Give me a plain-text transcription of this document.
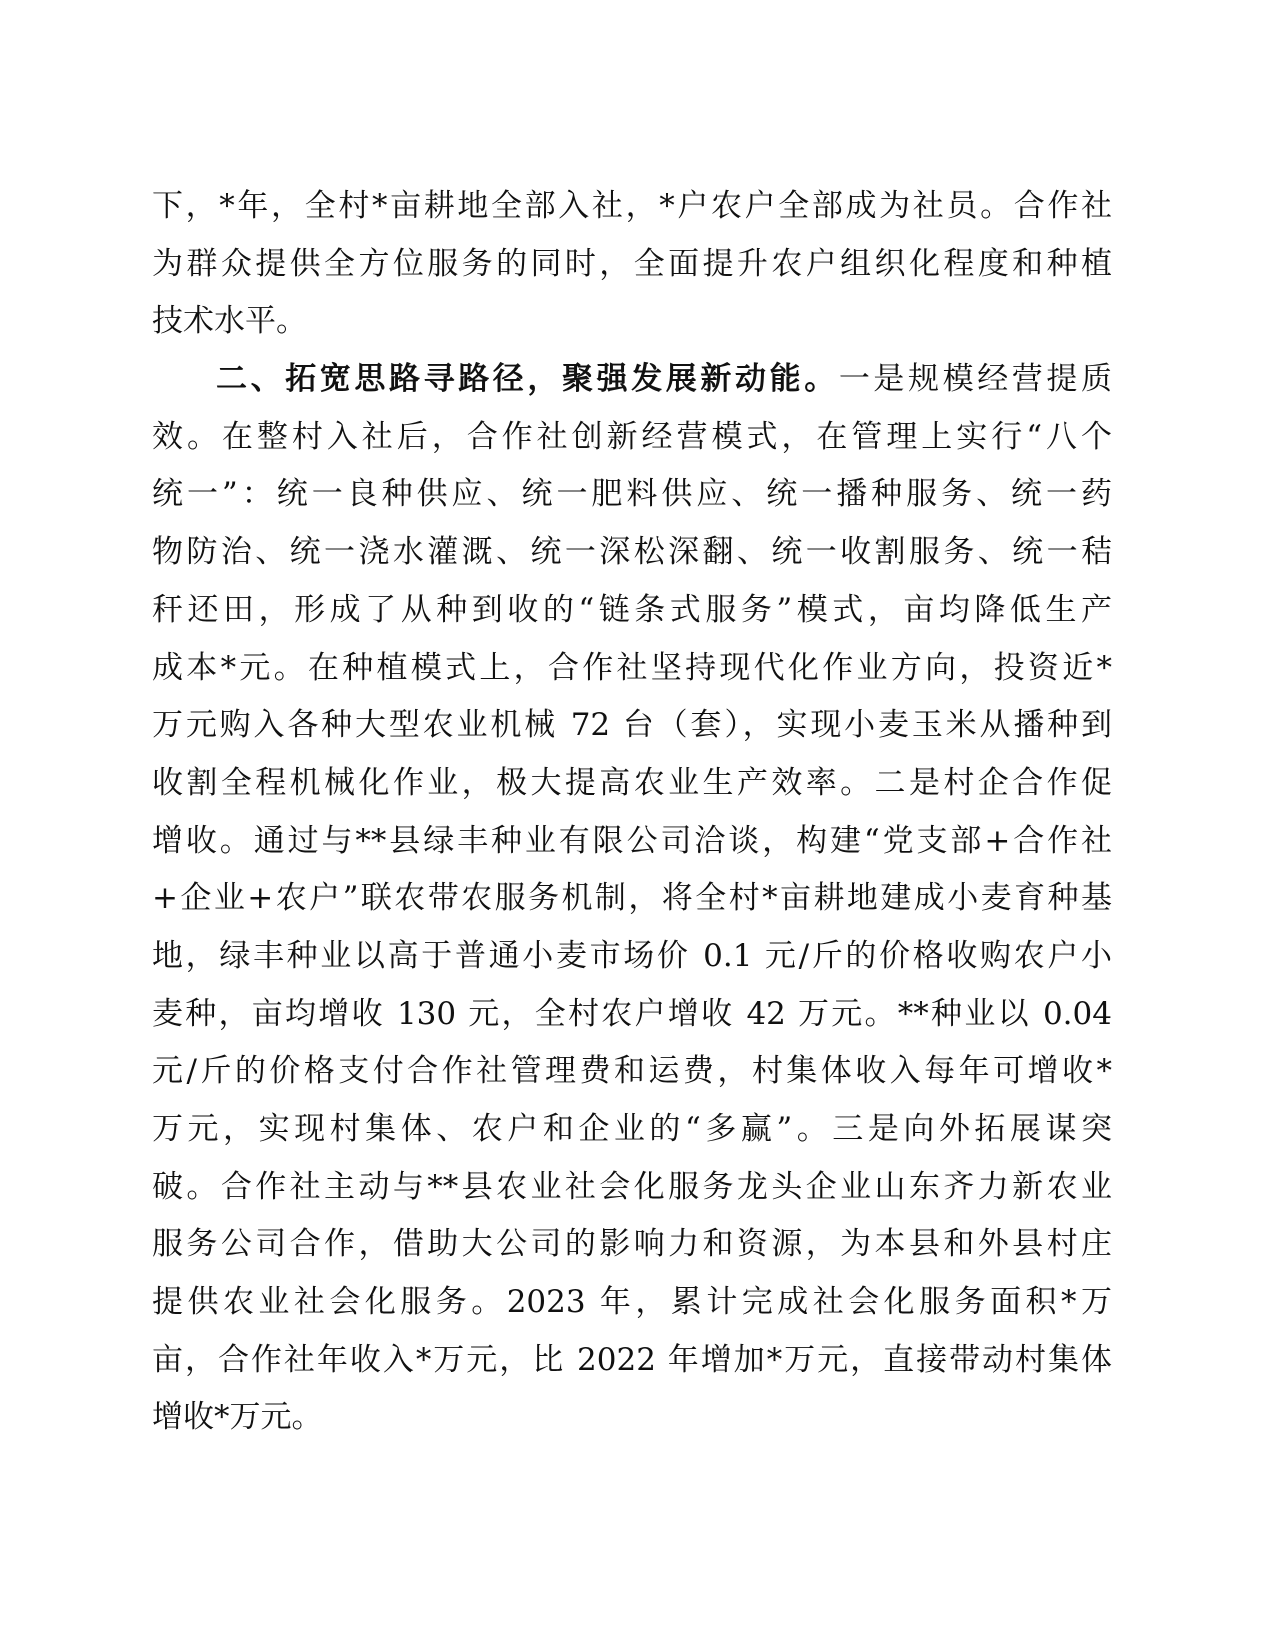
下，*年，全村*亩耕地全部入社，*户农户全部成为社员。合作社
为群众提供全方位服务的同时，全面提升农户组织化程度和种植
技术水平。
二、拓宽思路寻路径，聚强发展新动能。一是规模经营提质
效。在整村入社后，合作社创新经营模式，在管理上实行“八个
统一”：统一良种供应、统一肥料供应、统一播种服务、统一药
物防治、统一浇水灌溉、统一深松深翻、统一收割服务、统一秸
秆还田，形成了从种到收的“链条式服务”模式，亩均降低生产
成本*元。在种植模式上，合作社坚持现代化作业方向，投资近*
万元购入各种大型农业机械 72 台（套），实现小麦玉米从播种到
收割全程机械化作业，极大提高农业生产效率。二是村企合作促
增收。通过与**县绿丰种业有限公司洽谈，构建“党支部+合作社
+企业+农户”联农带农服务机制，将全村*亩耕地建成小麦育种基
地，绿丰种业以高于普通小麦市场价 0.1 元/斤的价格收购农户小
麦种，亩均增收 130 元，全村农户增收 42 万元。**种业以 0.04
元/斤的价格支付合作社管理费和运费，村集体收入每年可增收*
万元，实现村集体、农户和企业的“多赢”。三是向外拓展谋突
破。合作社主动与**县农业社会化服务龙头企业山东齐力新农业
服务公司合作，借助大公司的影响力和资源，为本县和外县村庄
提供农业社会化服务。2023 年，累计完成社会化服务面积*万
亩，合作社年收入*万元，比 2022 年增加*万元，直接带动村集体
增收*万元。
